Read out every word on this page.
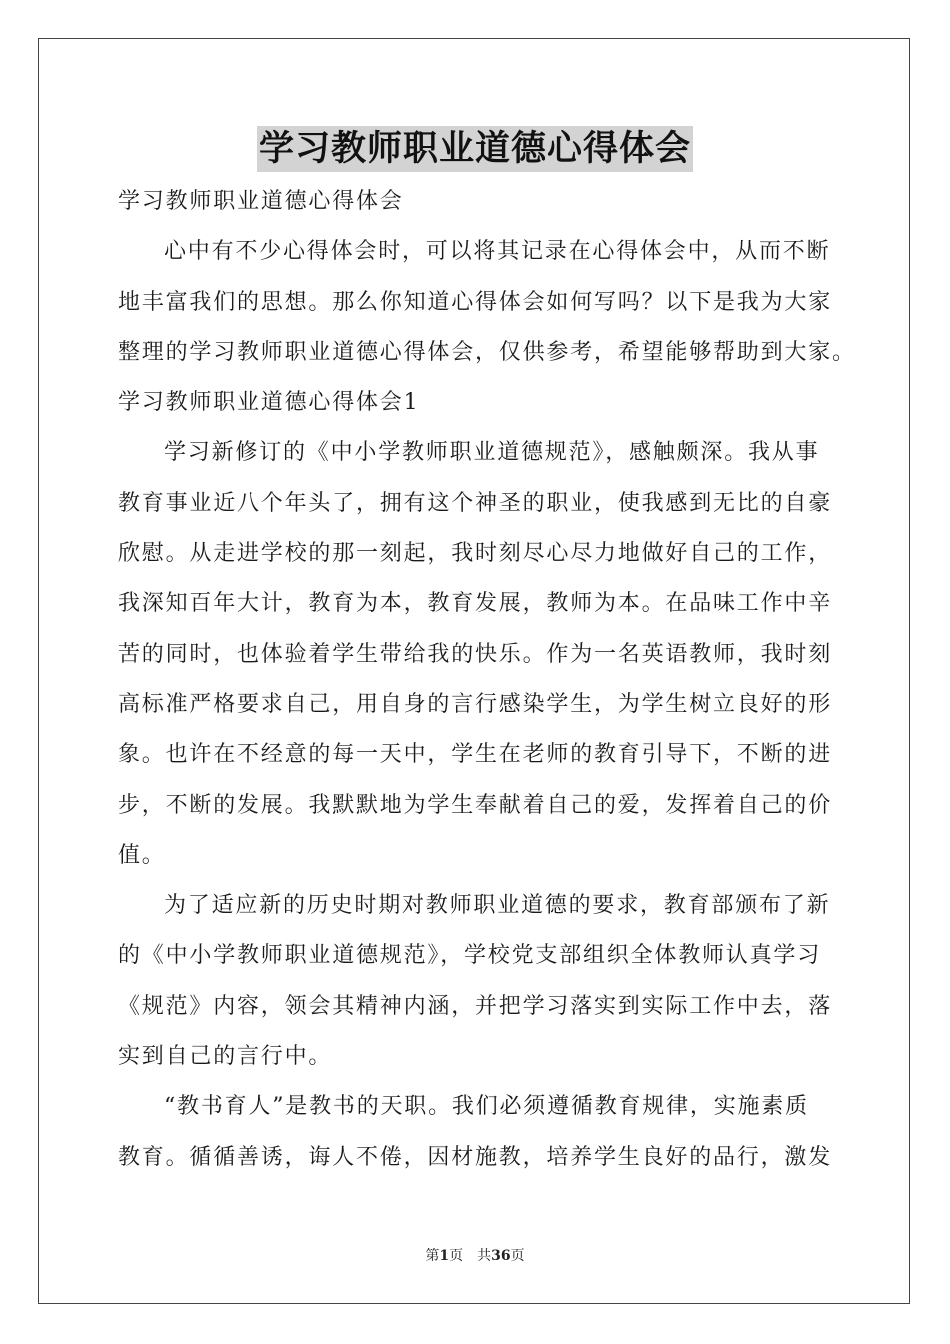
学习教师职业道德心得体会
学习教师职业道德心得体会
心中有不少心得体会时，可以将其记录在心得体会中，从而不断
地丰富我们的思想。那么你知道心得体会如何写吗？以下是我为大家
整理的学习教师职业道德心得体会，仅供参考，希望能够帮助到大家。
学习教师职业道德心得体会1
学习新修订的《中小学教师职业道德规范》，感触颇深。我从事
教育事业近八个年头了，拥有这个神圣的职业，使我感到无比的自豪
欣慰。从走进学校的那一刻起，我时刻尽心尽力地做好自己的工作，
我深知百年大计，教育为本，教育发展，教师为本。在品味工作中辛
苦的同时，也体验着学生带给我的快乐。作为一名英语教师，我时刻
高标准严格要求自己，用自身的言行感染学生，为学生树立良好的形
象。也许在不经意的每一天中，学生在老师的教育引导下，不断的进
步，不断的发展。我默默地为学生奉献着自己的爱，发挥着自己的价
值。
为了适应新的历史时期对教师职业道德的要求，教育部颁布了新
的《中小学教师职业道德规范》，学校党支部组织全体教师认真学习
《规范》内容，领会其精神内涵，并把学习落实到实际工作中去，落
实到自己的言行中。
“教书育人”是教书的天职。我们必须遵循教育规律，实施素质
教育。循循善诱，诲人不倦，因材施教，培养学生良好的品行，激发
第1页 共36页
